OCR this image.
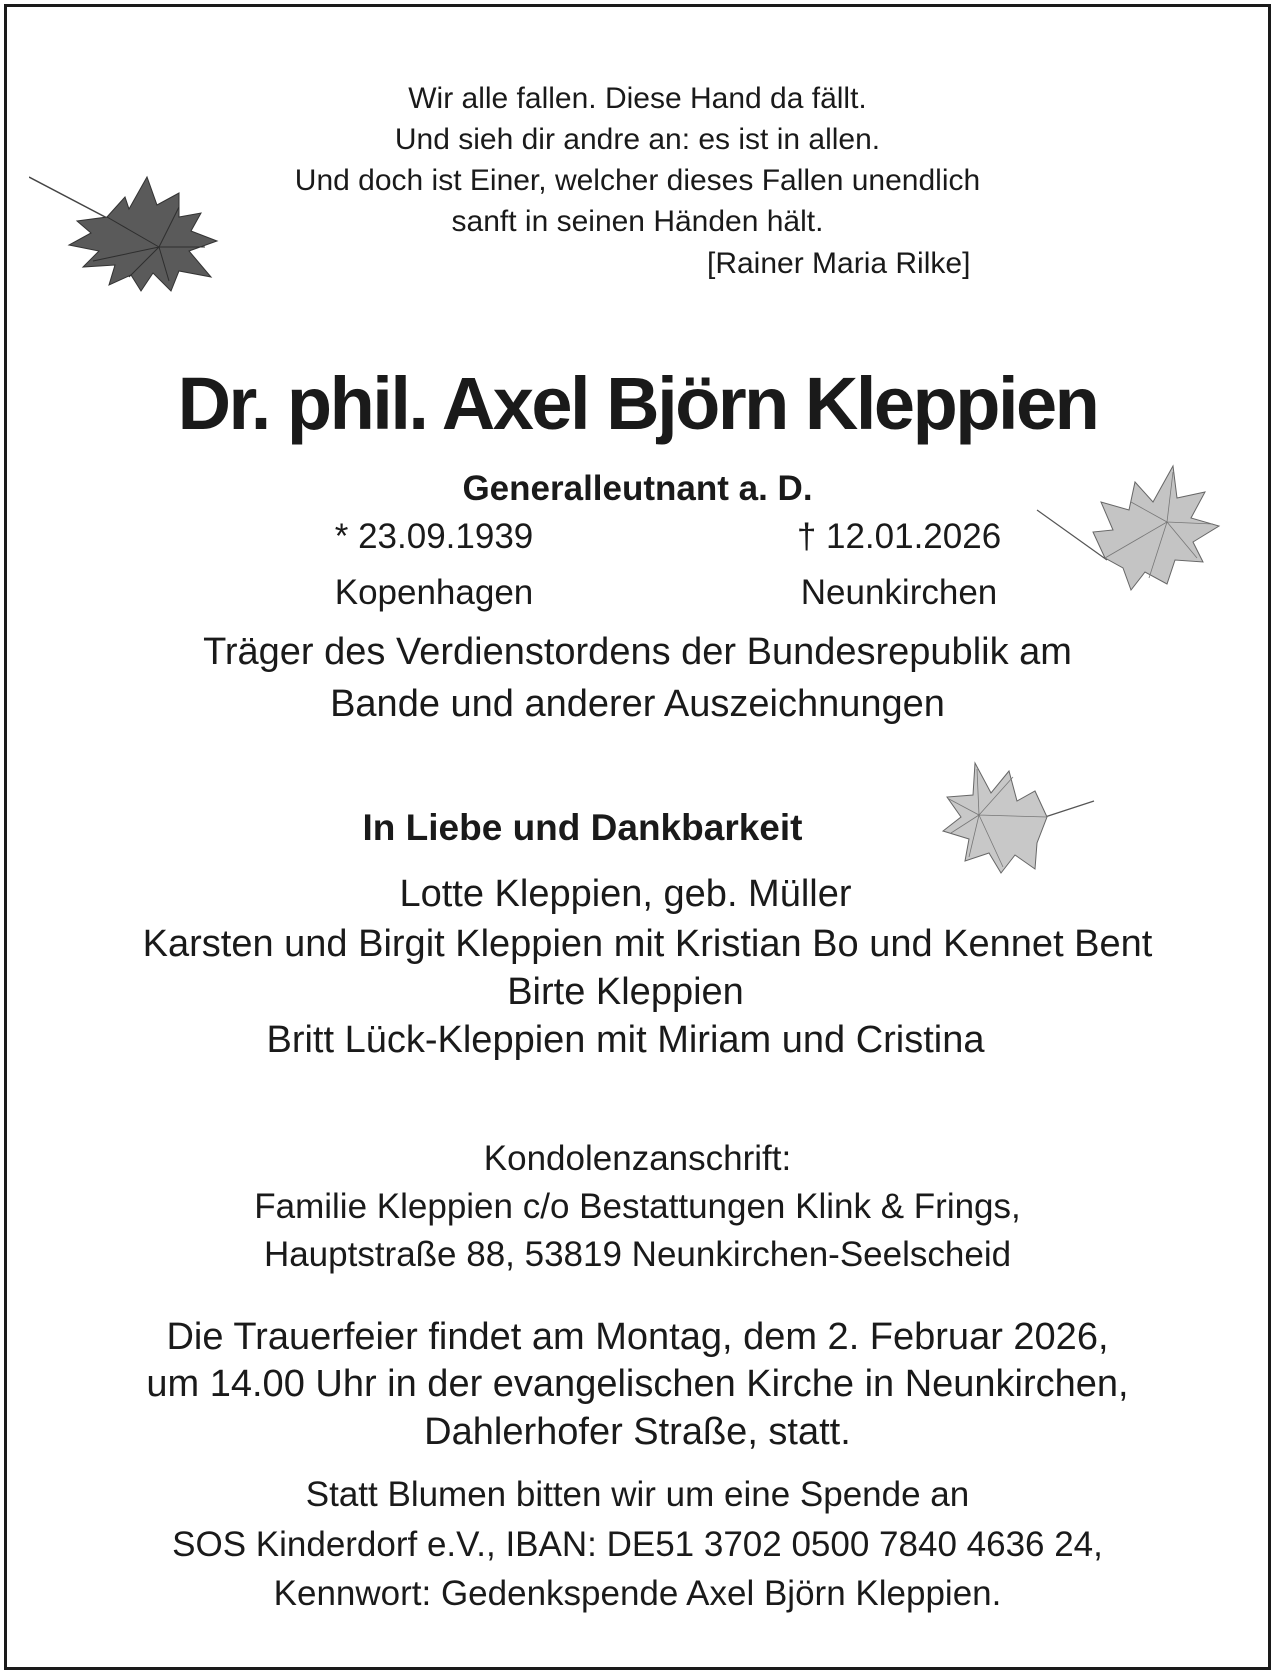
Wir alle fallen. Diese Hand da fällt.
Und sieh dir andre an: es ist in allen.
Und doch ist Einer, welcher dieses Fallen unendlich
sanft in seinen Händen hält.
[Rainer Maria Rilke]
Dr. phil. Axel Björn Kleppien
Generalleutnant a. D.
* 23.09.1939	† 12.01.2026
Kopenhagen	Neunkirchen
Träger des Verdienstordens der Bundesrepublik am
Bande und anderer Auszeichnungen
In Liebe und Dankbarkeit
Lotte Kleppien, geb. Müller
Karsten und Birgit Kleppien mit Kristian Bo und Kennet Bent
Birte Kleppien
Britt Lück-Kleppien mit Miriam und Cristina
Kondolenzanschrift:
Familie Kleppien c/o Bestattungen Klink & Frings,
Hauptstraße 88, 53819 Neunkirchen-Seelscheid
Die Trauerfeier findet am Montag, dem 2. Februar 2026,
um 14.00 Uhr in der evangelischen Kirche in Neunkirchen,
Dahlerhofer Straße, statt.
Statt Blumen bitten wir um eine Spende an
SOS Kinderdorf e.V., IBAN: DE51 3702 0500 7840 4636 24,
Kennwort: Gedenkspende Axel Björn Kleppien.
